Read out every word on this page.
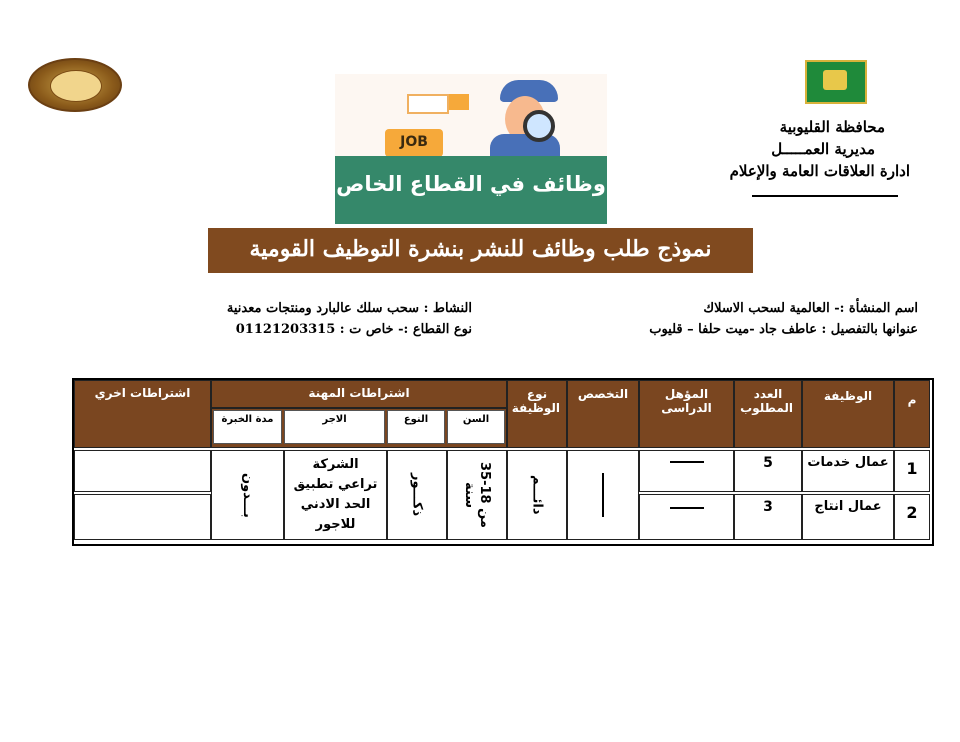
محافظة القليوبية
مديرية العمـــــل
ادارة العلاقات العامة والإعلام
JOB
وظائف في القطاع الخاص
نموذج طلب وظائف للنشر بنشرة التوظيف القومية
اسم المنشأة :- العالمية لسحب الاسلاك
عنوانها بالتفصيل : عاطف جاد -ميت حلفا – قليوب
النشاط : سحب سلك عالبارد ومنتجات معدنية
نوع القطاع :- خاص ت : 01121203315
م
الوظيفة
العدد المطلوب
المؤهل الدراسى
التخصص
نوع الوظيفة
اشتراطات المهنة
اشتراطات اخري
السن
النوع
الاجر
مدة الخبرة
1
عمال خدمات
5
2
عمال انتاج
3
دائـــم
من 18-35 سنة
ذكـــور
الشركة تراعي تطبيق الحد الادني للاجور
بـــدون
